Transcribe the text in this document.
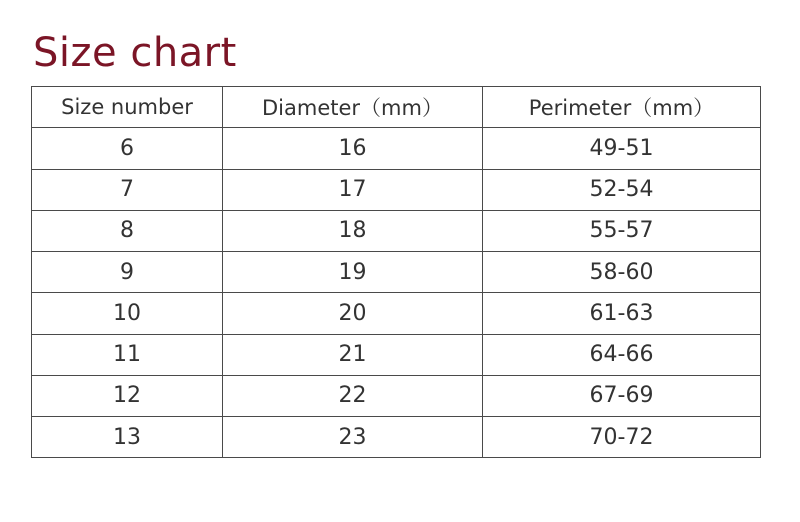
Size chart
Size number	Diameter（mm）	Perimeter（mm）
6	16	49-51
7	17	52-54
8	18	55-57
9	19	58-60
10	20	61-63
11	21	64-66
12	22	67-69
13	23	70-72
